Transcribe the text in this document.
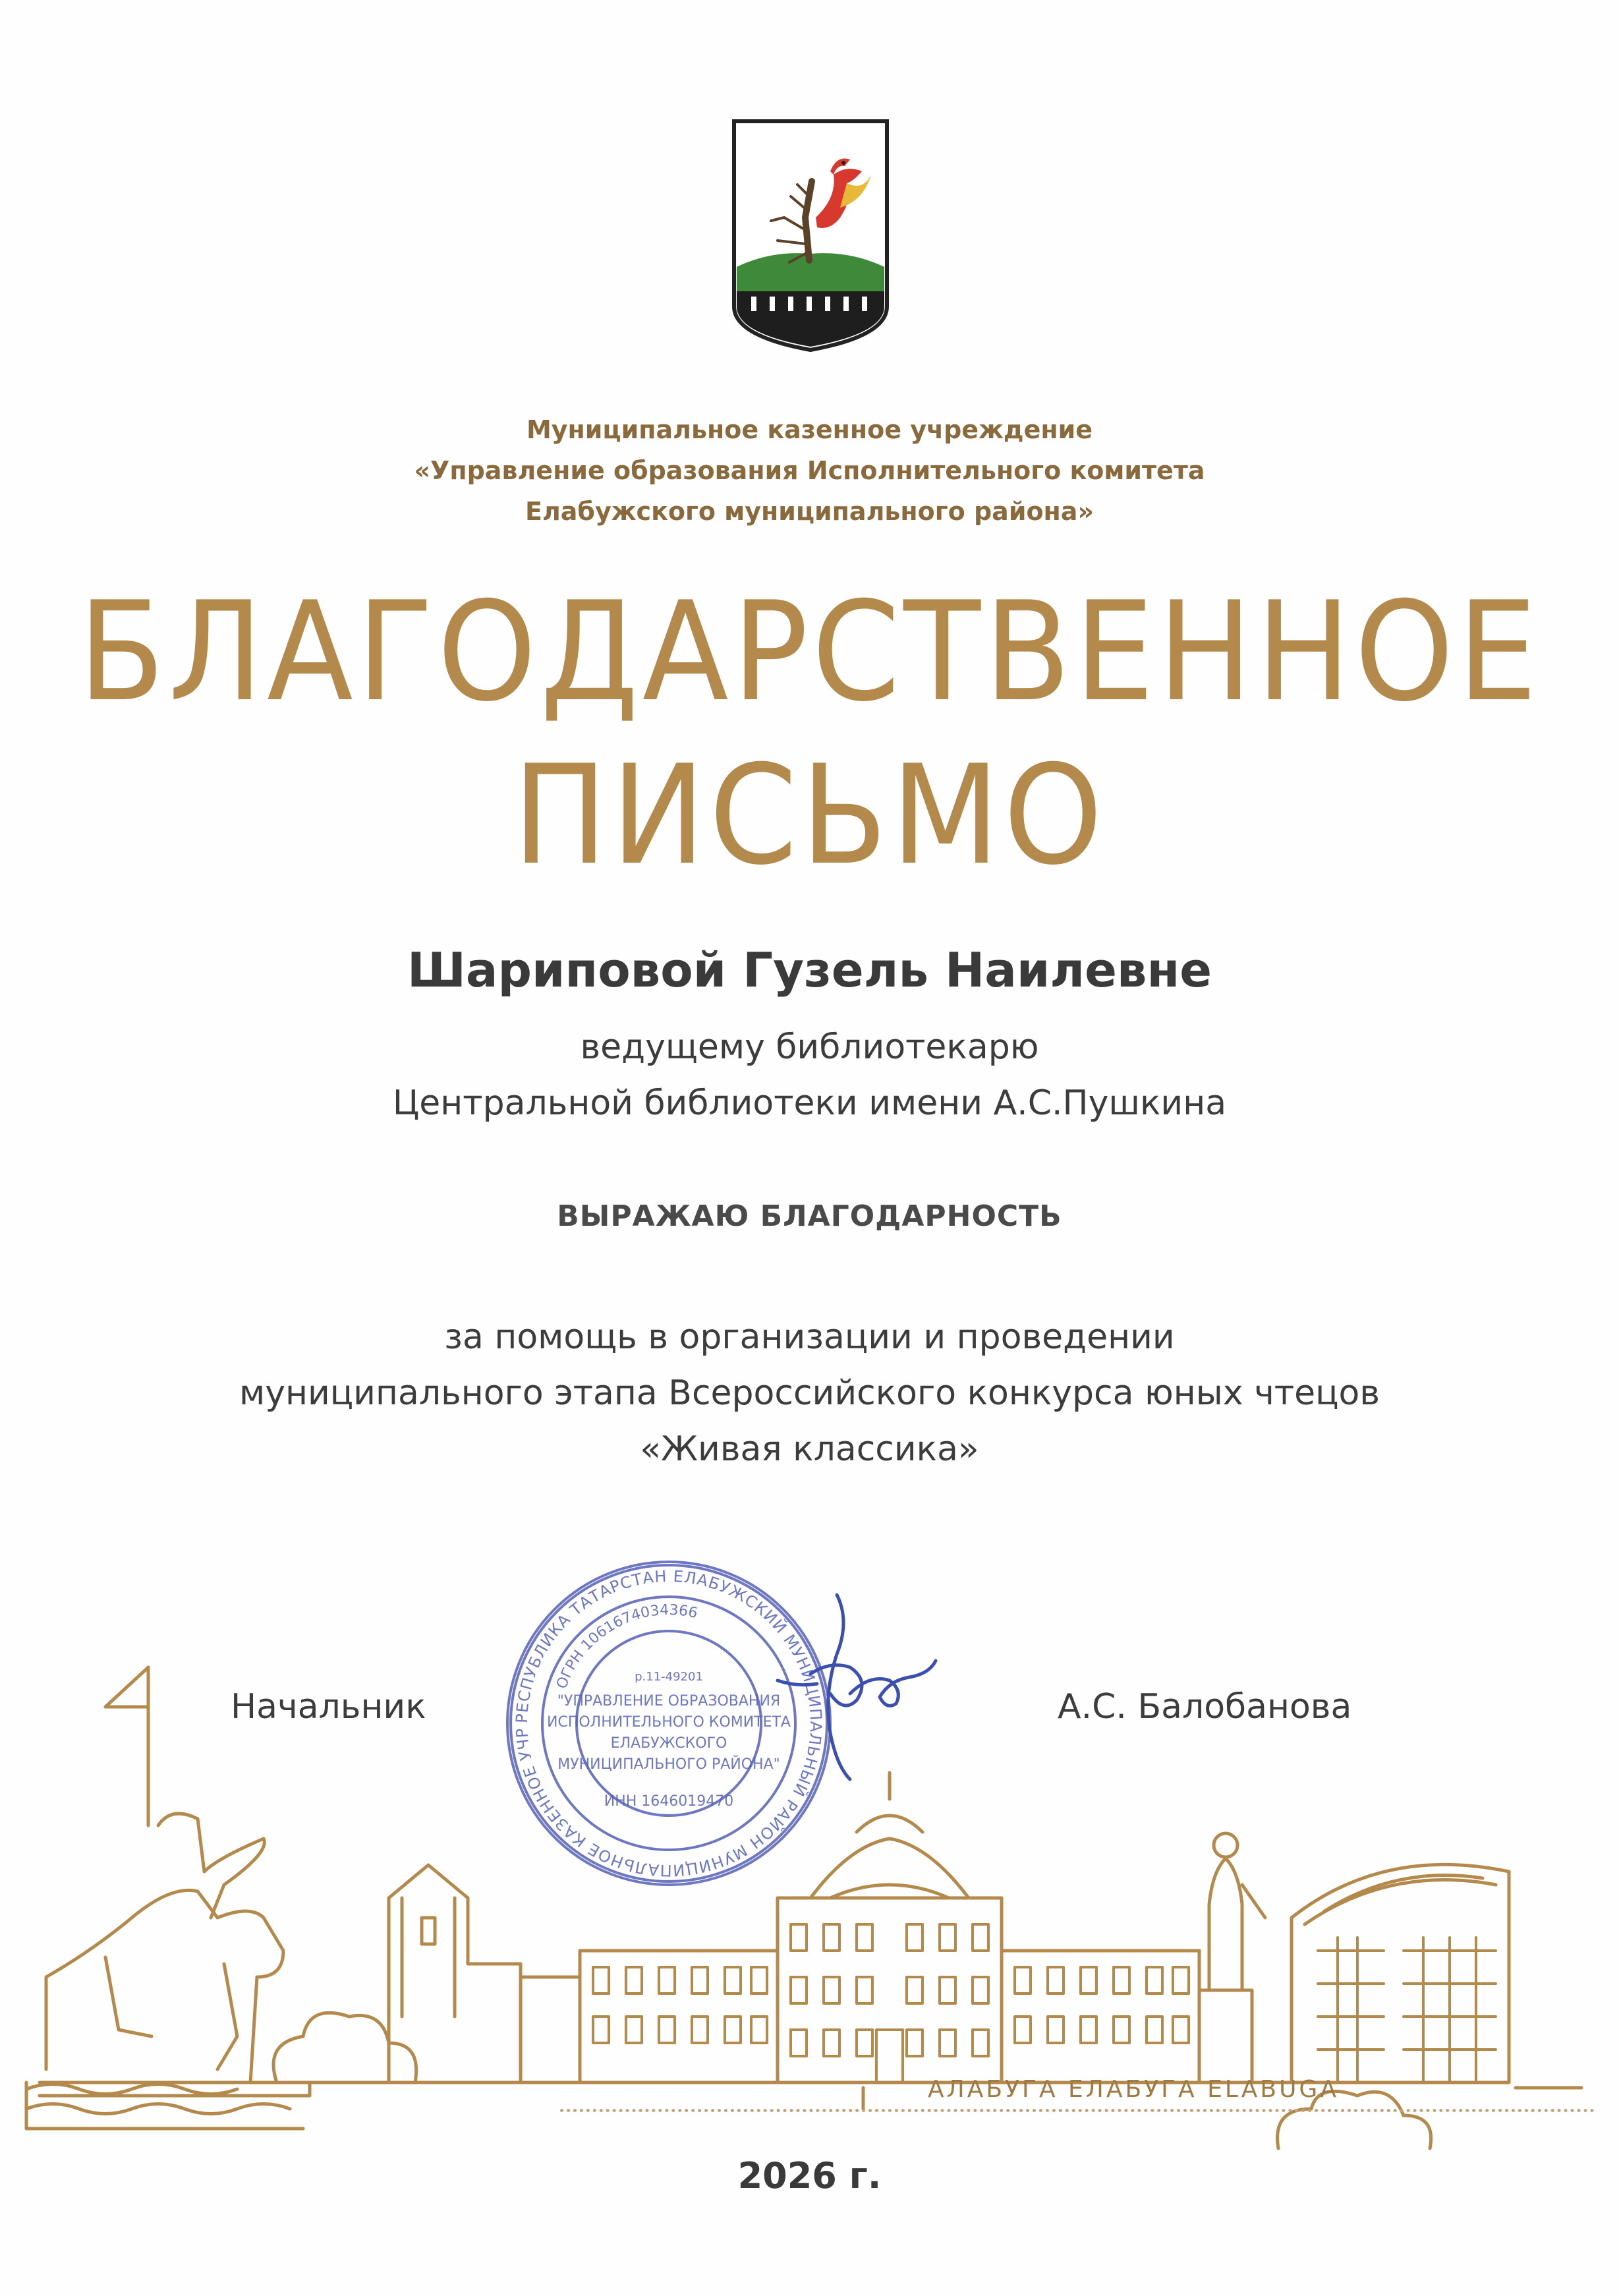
Муниципальное казенное учреждение
«Управление образования Исполнительного комитета
Елабужского муниципального района»
БЛАГОДАРСТВЕННОЕ
ПИСЬМО
Шариповой Гузель Наилевне
ведущему библиотекарю
Центральной библиотеки имени А.С.Пушкина
ВЫРАЖАЮ БЛАГОДАРНОСТЬ
за помощь в организации и проведении
муниципального этапа Всероссийского конкурса юных чтецов
«Живая классика»
АЛАБУГА ЕЛАБУГА ELABUGA
Начальник	А.С. Балобанова
РЕСПУБЛИКА ТАТАРСТАН ЕЛАБУЖСКИЙ МУНИЦИПАЛЬНЫЙ РАЙОН МУНИЦИПАЛЬНОЕ КАЗЕННОЕ УЧРЕЖДЕНИЕ
ОГРН 1061674034366
р.11-49201
"УПРАВЛЕНИЕ ОБРАЗОВАНИЯ
ИСПОЛНИТЕЛЬНОГО КОМИТЕТА
ЕЛАБУЖСКОГО
МУНИЦИПАЛЬНОГО РАЙОНА"
ИНН 1646019470
2026 г.
